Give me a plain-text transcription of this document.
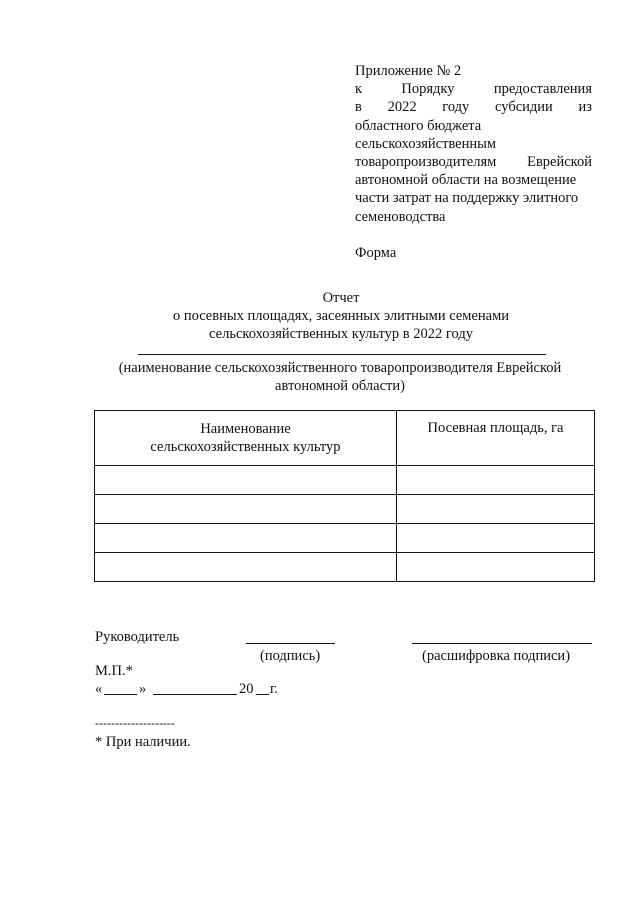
Приложение № 2
к	Порядку	предоставления
в 2022 году субсидии из
областного бюджета
сельскохозяйственным
товаропроизводителям Еврейской
автономной области на возмещение
части затрат на поддержку элитного
семеноводства
Форма
Отчет
о посевных площадях, засеянных элитными семенами
сельскохозяйственных культур в 2022 году
(наименование сельскохозяйственного товаропроизводителя Еврейской
автономной области)
Наименование
сельскохозяйственных культур	Посевная площадь, га

Руководитель
(подпись)	(расшифровка подписи)
М.П.*
«	»	20 г.
--------------------
* При наличии.
